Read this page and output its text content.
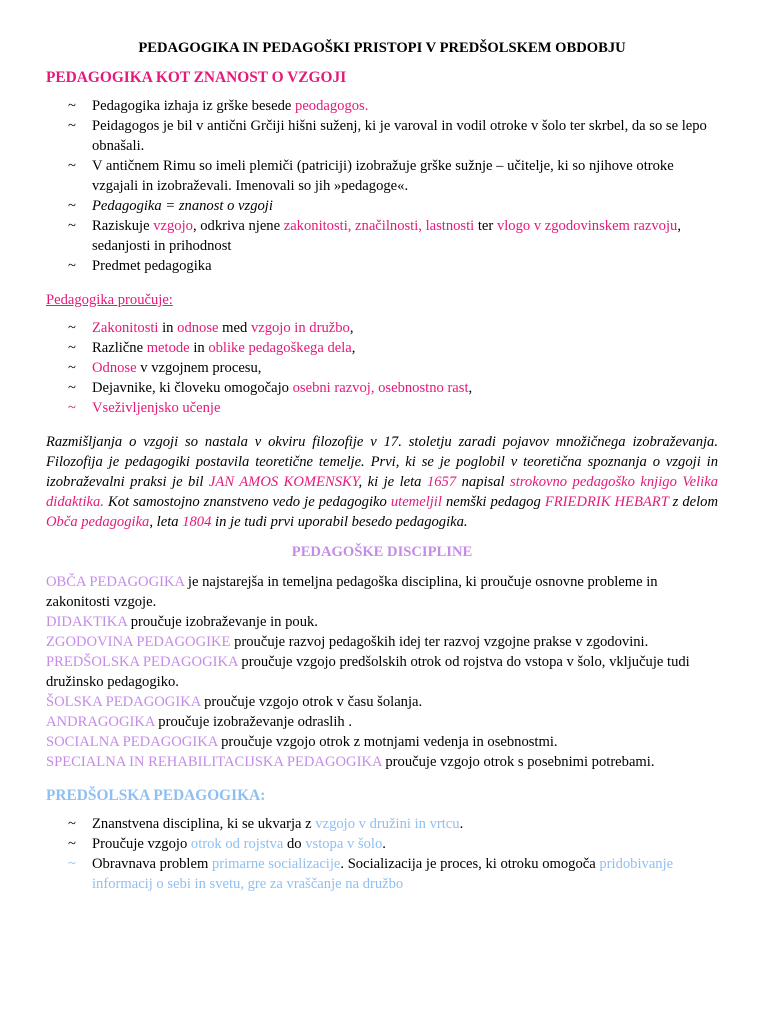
PEDAGOGIKA IN PEDAGOŠKI PRISTOPI V PREDŠOLSKEM OBDOBJU
PEDAGOGIKA KOT ZNANOST O VZGOJI
~ Pedagogika izhaja iz grške besede peodagogos.
~ Peidagogos je bil v antični Grčiji hišni suženj, ki je varoval in vodil otroke v šolo ter skrbel, da so se lepo obnašali.
~ V antičnem Rimu so imeli plemiči (patriciji) izobražuje grške sužnje – učitelje, ki so njihove otroke vzgajali in izobraževali. Imenovali so jih »pedagoge«.
~ Pedagogika = znanost o vzgoji
~ Raziskuje vzgojo, odkriva njene zakonitosti, značilnosti, lastnosti ter vlogo v zgodovinskem razvoju, sedanjosti in prihodnost
~ Predmet pedagogika
Pedagogika proučuje:
~ Zakonitosti in odnose med vzgojo in družbo,
~ Različne metode in oblike pedagoškega dela,
~ Odnose v vzgojnem procesu,
~ Dejavnike, ki človeku omogočajo osebni razvoj, osebnostno rast,
~ Vseživljenjsko učenje
Razmišljanja o vzgoji so nastala v okviru filozofije v 17. stoletju zaradi pojavov množičnega izobraževanja. Filozofija je pedagogiki postavila teoretične temelje. Prvi, ki se je poglobil v teoretična spoznanja o vzgoji in izobraževalni praksi je bil JAN AMOS KOMENSKY, ki je leta 1657 napisal strokovno pedagoško knjigo Velika didaktika. Kot samostojno znanstveno vedo je pedagogiko utemeljil nemški pedagog FRIEDRIK HEBART z delom Obča pedagogika, leta 1804 in je tudi prvi uporabil besedo pedagogika.
PEDAGOŠKE DISCIPLINE

OBČA PEDAGOGIKA je najstarejša in temeljna pedagoška disciplina, ki proučuje osnovne probleme in zakonitosti vzgoje.

DIDAKTIKA proučuje izobraževanje in pouk.

ZGODOVINA PEDAGOGIKE proučuje razvoj pedagoških idej ter razvoj vzgojne prakse v zgodovini.

PREDŠOLSKA PEDAGOGIKA proučuje vzgojo predšolskih otrok od rojstva do vstopa v šolo, vključuje tudi družinsko pedagogiko.

ŠOLSKA PEDAGOGIKA proučuje vzgojo otrok v času šolanja.

ANDRAGOGIKA proučuje izobraževanje odraslih .

SOCIALNA PEDAGOGIKA proučuje vzgojo otrok z motnjami vedenja in osebnostmi.

SPECIALNA IN REHABILITACIJSKA PEDAGOGIKA proučuje vzgojo otrok s posebnimi potrebami.

PREDŠOLSKA PEDAGOGIKA:
~ Znanstvena disciplina, ki se ukvarja z vzgojo v družini in vrtcu.
~ Proučuje vzgojo otrok od rojstva do vstopa v šolo.
~ Obravnava problem primarne socializacije. Socializacija je proces, ki otroku omogoča pridobivanje informacij o sebi in svetu, gre za vraščanje na družbo
